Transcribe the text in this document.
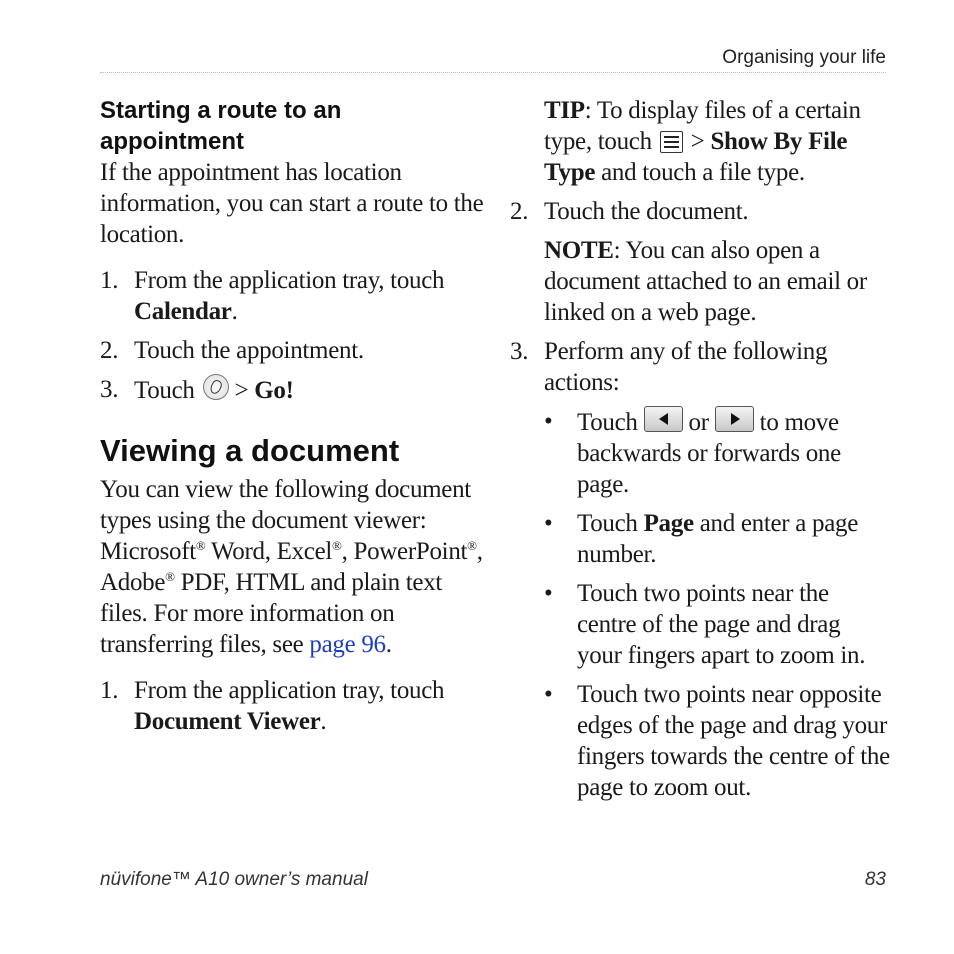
Organising your life
Starting a route to an appointment

If the appointment has location information, you can start a route to the location.

1. From the application tray, touch Calendar.
2. Touch the appointment.
3. Touch  > Go!
Viewing a document

You can view the following document types using the document viewer: Microsoft® Word, Excel®, PowerPoint®, Adobe® PDF, HTML and plain text files. For more information on transferring files, see page 96.

1. From the application tray, touch Document Viewer.
TIP: To display files of a certain type, touch  > Show By File Type and touch a file type.
2. Touch the document.
NOTE: You can also open a document attached to an email or linked on a web page.
3. Perform any of the following actions:
• Touch  or  to move backwards or forwards one page.
• Touch Page and enter a page number.
• Touch two points near the centre of the page and drag your fingers apart to zoom in.
• Touch two points near opposite edges of the page and drag your fingers towards the centre of the page to zoom out.
nüvifone™ A10 owner’s manual	83
